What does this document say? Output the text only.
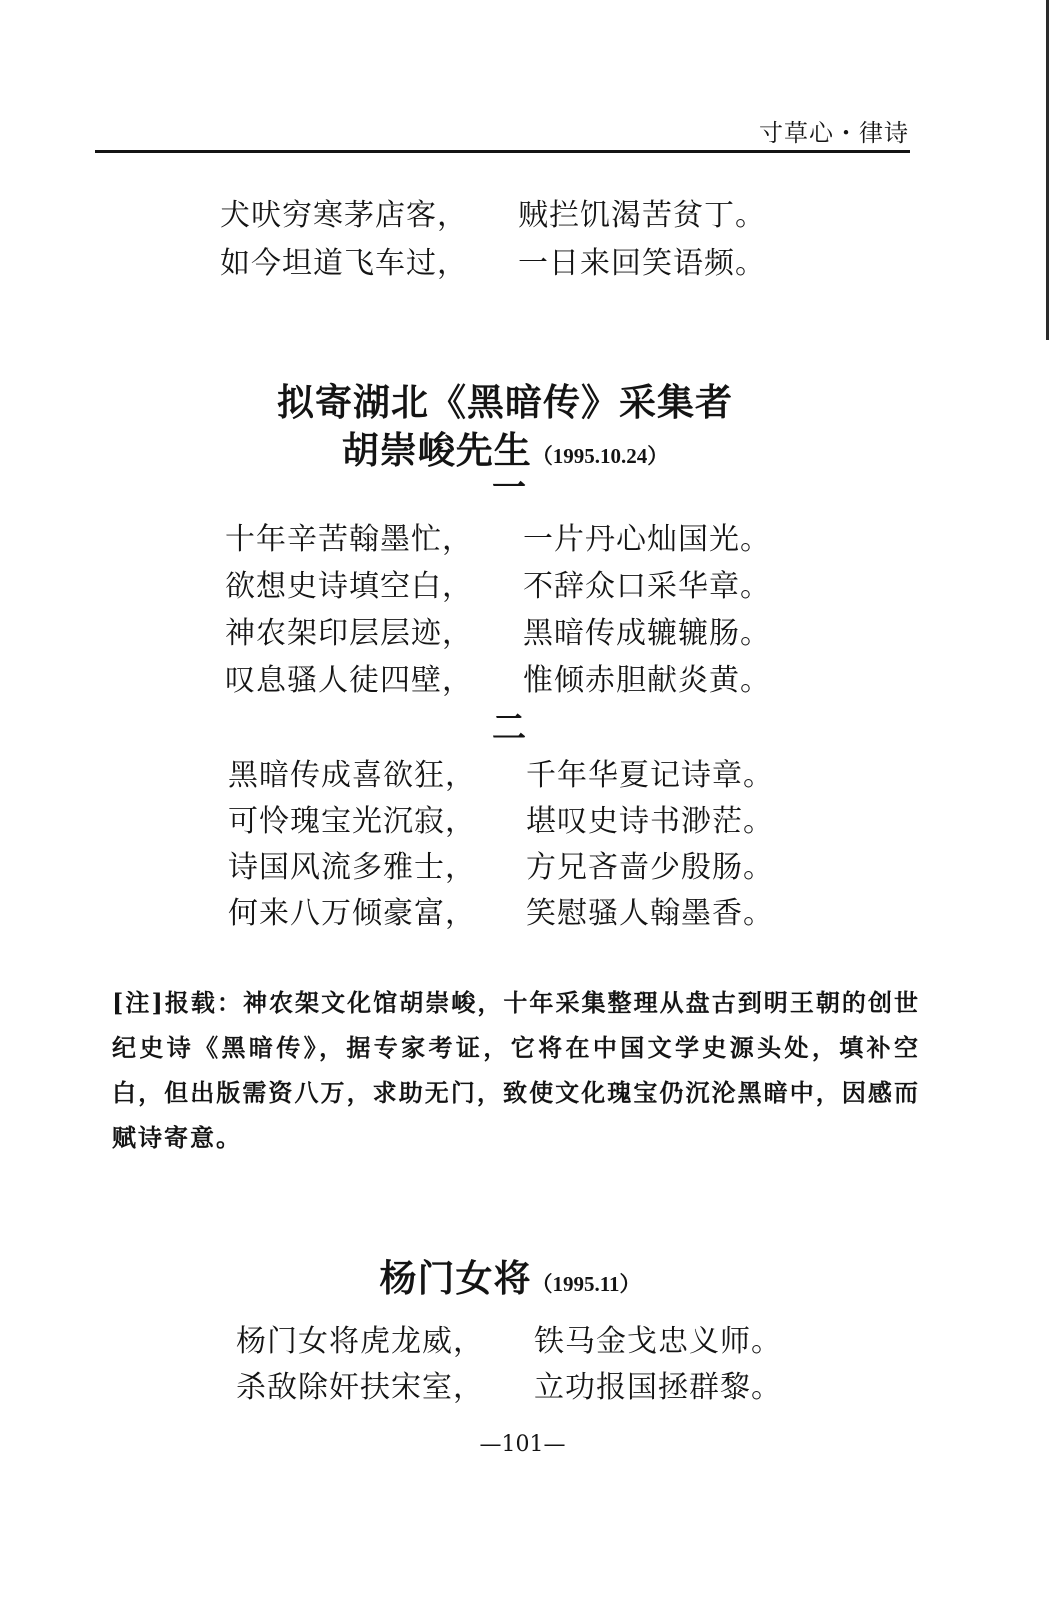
寸草心・律诗
犬吠穷寒茅店客， 贼拦饥渴苦贫丁。
如今坦道飞车过， 一日来回笑语频。
拟寄湖北《黑暗传》采集者
胡崇峻先生（1995.10.24）
一
十年辛苦翰墨忙， 一片丹心灿国光。
欲想史诗填空白， 不辞众口采华章。
神农架印层层迹， 黑暗传成辘辘肠。
叹息骚人徒四壁， 惟倾赤胆献炎黄。
二
黑暗传成喜欲狂， 千年华夏记诗章。
可怜瑰宝光沉寂， 堪叹史诗书渺茫。
诗国风流多雅士， 方兄吝啬少殷肠。
何来八万倾豪富， 笑慰骚人翰墨香。

[注]报载：神农架文化馆胡崇峻，十年采集整理从盘古到明王朝的创世纪史诗《黑暗传》，据专家考证，它将在中国文学史源头处，填补空白，但出版需资八万，求助无门，致使文化瑰宝仍沉沦黑暗中，因感而赋诗寄意。

杨门女将（1995.11）
杨门女将虎龙威， 铁马金戈忠义师。
杀敌除奸扶宋室， 立功报国拯群黎。
—101—
